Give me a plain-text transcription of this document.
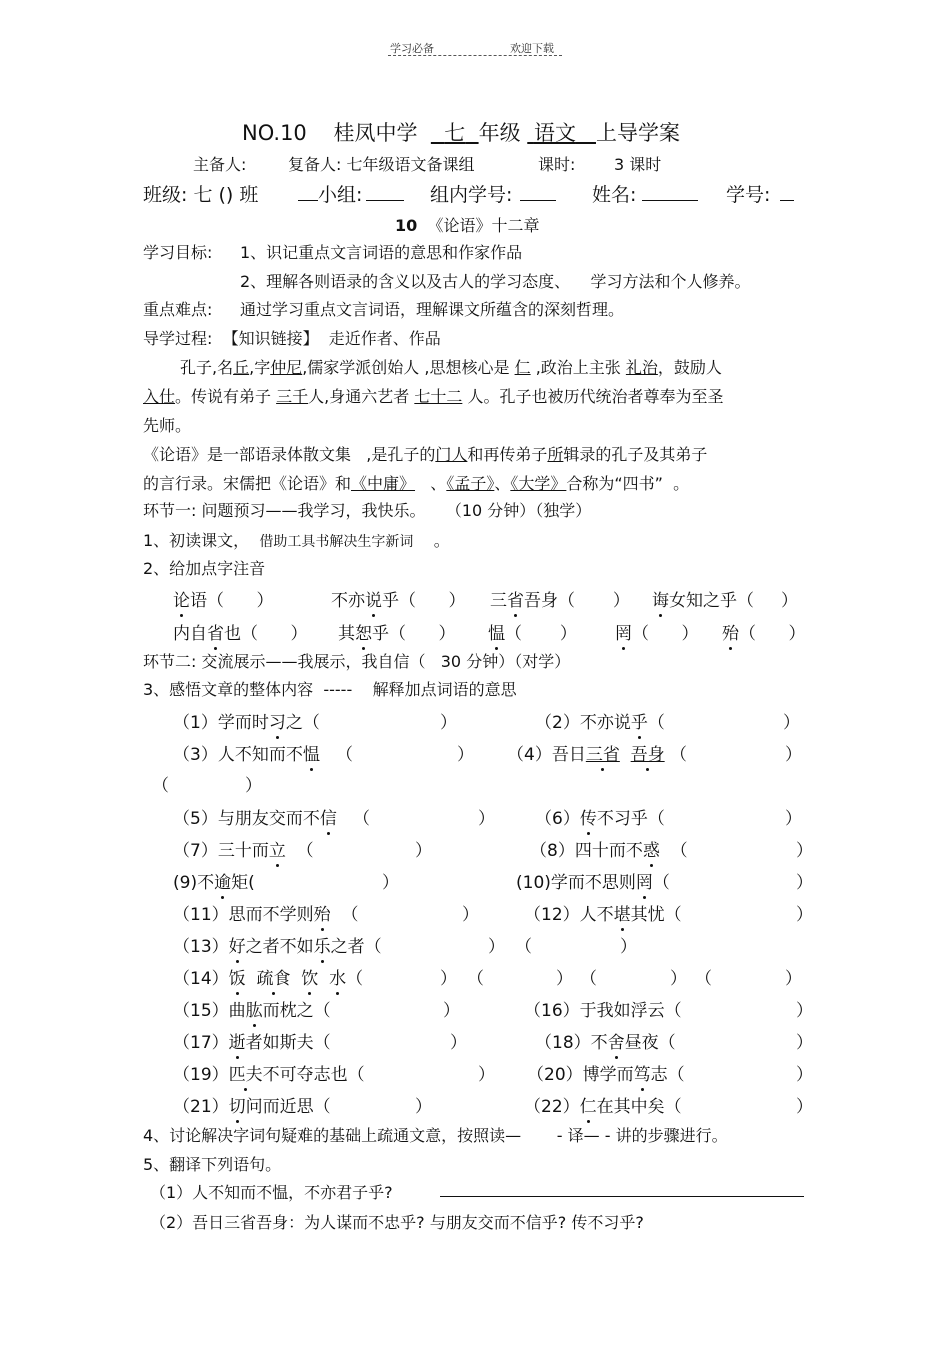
学习必备	欢迎下载
NO.10 桂凤中学 七 年级 语文 上导学案
主备人:	复备人: 七年级语文备课组	课时: 3 课时
班级: 七 () 班	小组:	组内学号:	姓名:	学号:
10 《论语》十二章
学习目标: 1、识记重点文言词语的意思和作家作品
2、理解各则语录的含义以及古人的学习态度、 学习方法和个人修养。
重点难点: 通过学习重点文言词语，理解课文所蕴含的深刻哲理。
导学过程: 【知识链接】 走近作者、作品
孔子,名丘,字仲尼,儒家学派创始人 ,思想核心是 仁 ,政治上主张 礼治，鼓励人
入仕。传说有弟子 三千人,身通六艺者 七十二 人。孔子也被历代统治者尊奉为至圣
先师。
《论语》是一部语录体散文集 ,是孔子的门人和再传弟子所辑录的孔子及其弟子
的言行录。宋儒把《论语》和《中庸》 、《孟子》、《大学》合称为“四书” 。
环节一: 问题预习——我学习，我快乐。 （10 分钟）（独学）
1、初读课文， 借助工具书解决生字新词 。
2、给加点字注音
论语（ ）	不亦说乎（ ） 三省吾身（ ） 诲女知之乎（ ）
内自省也（ ） 其恕乎（ ） 愠（ ） 罔（ ） 殆（ ）
环节二: 交流展示——我展示，我自信（ 30 分钟）（对学）
3、感悟文章的整体内容 ----- 解释加点词语的意思
（1）学而时习之（	）	（2）不亦说乎（	）
（3）人不知而不愠 （	） （4）吾日三省 吾身 （	）
（	）
（5）与朋友交而不信 （	） （6）传不习乎（	）
（7）三十而立 （	）	（8）四十而不惑 （	）
(9)不逾矩(	）	(10)学而不思则罔（	）
（11）思而不学则殆 （	）	（12）人不堪其忧（	）
（13）好之者不如乐之者（	） （	）
（14）饭 疏食 饮 水（	） （	） （	） （	）
（15）曲肱而枕之（	）	（16）于我如浮云（	）
（17）逝者如斯夫（	）	（18）不舍昼夜（	）
（19）匹夫不可夺志也（	） （20）博学而笃志（	）
（21）切问而近思（	）	（22）仁在其中矣（	）
4、讨论解决字词句疑难的基础上疏通文意，按照读— - 译— - 讲的步骤进行。
5、翻译下列语句。
（1）人不知而不愠，不亦君子乎?
（2）吾日三省吾身：为人谋而不忠乎? 与朋友交而不信乎? 传不习乎?
